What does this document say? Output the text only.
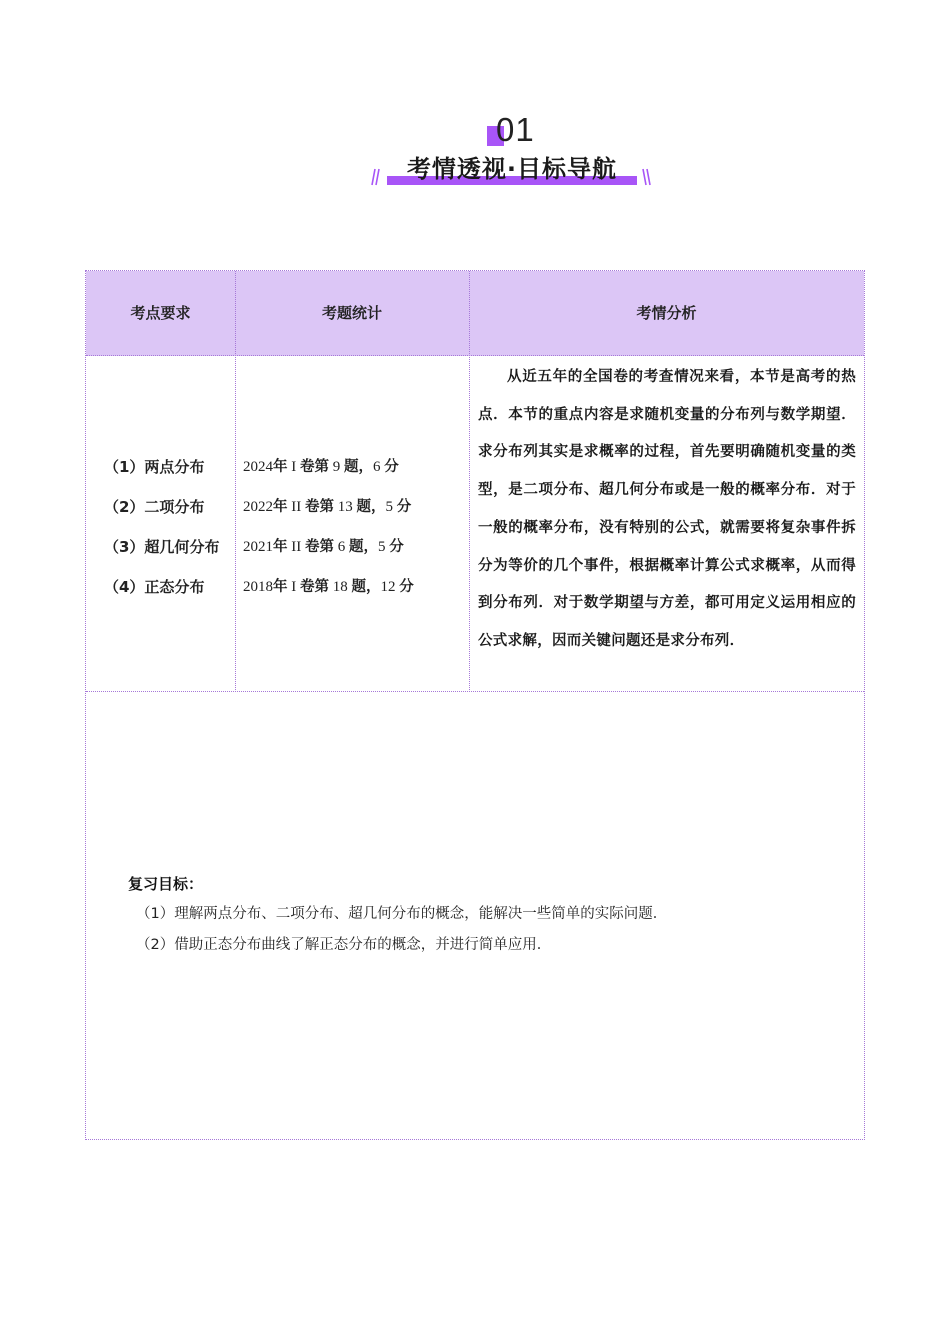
01
考情透视·目标导航
考点要求	考题统计	考情分析
（1）两点分布
（2）二项分布
（3）超几何分布
（4）正态分布
2024年 I 卷第 9 题，6 分
2022年 II 卷第 13 题，5 分
2021年 II 卷第 6 题，5 分
2018年 I 卷第 18 题，12 分
从近五年的全国卷的考查情况来看，本节是高考的热点．本节的重点内容是求随机变量的分布列与数学期望．求分布列其实是求概率的过程，首先要明确随机变量的类型，是二项分布、超几何分布或是一般的概率分布．对于一般的概率分布，没有特别的公式，就需要将复杂事件拆分为等价的几个事件，根据概率计算公式求概率，从而得到分布列．对于数学期望与方差，都可用定义运用相应的公式求解，因而关键问题还是求分布列．
复习目标：
（1）理解两点分布、二项分布、超几何分布的概念，能解决一些简单的实际问题．
（2）借助正态分布曲线了解正态分布的概念，并进行简单应用．
